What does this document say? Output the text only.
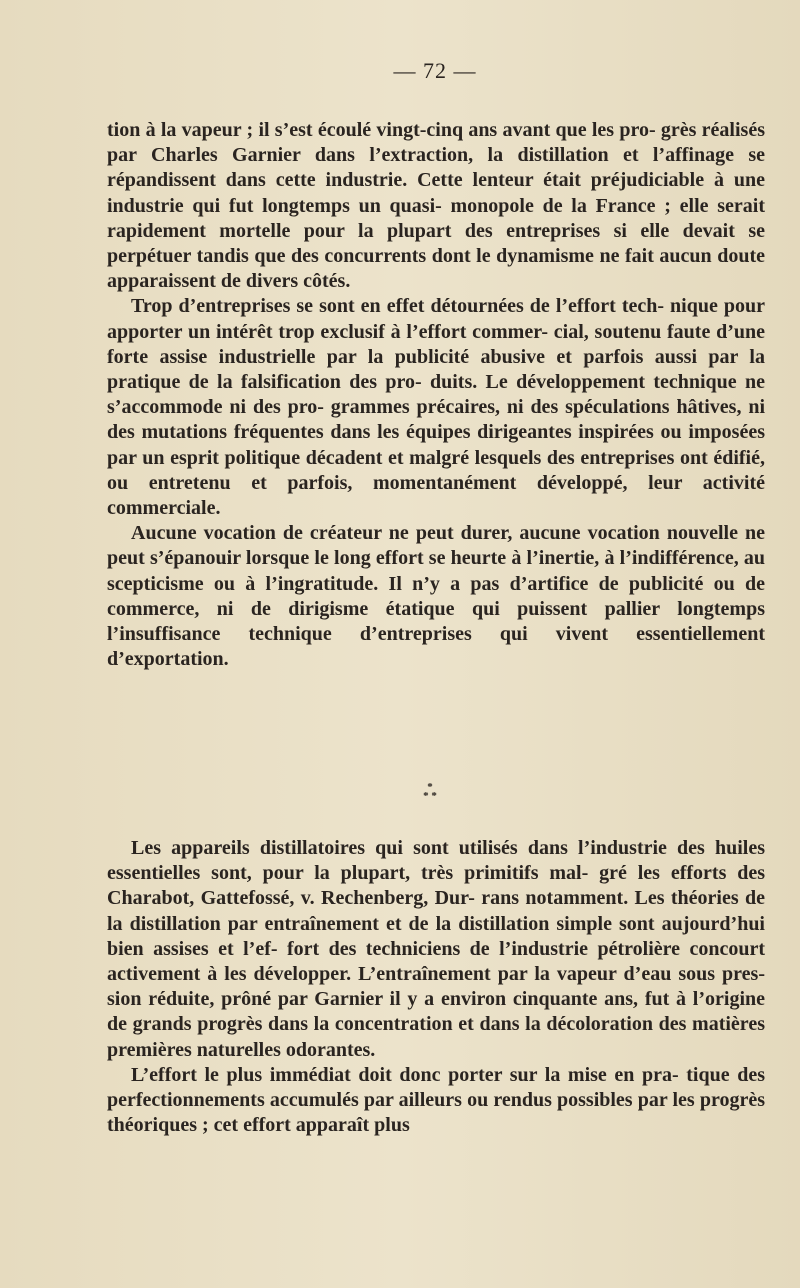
— 72 —

tion à la vapeur ; il s’est écoulé vingt-cinq ans avant que les pro- grès réalisés par Charles Garnier dans l’extraction, la distillation et l’affinage se répandissent dans cette industrie. Cette lenteur était préjudiciable à une industrie qui fut longtemps un quasi- monopole de la France ; elle serait rapidement mortelle pour la plupart des entreprises si elle devait se perpétuer tandis que des concurrents dont le dynamisme ne fait aucun doute apparaissent de divers côtés.

Trop d’entreprises se sont en effet détournées de l’effort tech- nique pour apporter un intérêt trop exclusif à l’effort commer- cial, soutenu faute d’une forte assise industrielle par la publicité abusive et parfois aussi par la pratique de la falsification des pro- duits. Le développement technique ne s’accommode ni des pro- grammes précaires, ni des spéculations hâtives, ni des mutations fréquentes dans les équipes dirigeantes inspirées ou imposées par un esprit politique décadent et malgré lesquels des entreprises ont édifié, ou entretenu et parfois, momentanément développé, leur activité commerciale.

Aucune vocation de créateur ne peut durer, aucune vocation nouvelle ne peut s’épanouir lorsque le long effort se heurte à l’inertie, à l’indifférence, au scepticisme ou à l’ingratitude. Il n’y a pas d’artifice de publicité ou de commerce, ni de dirigisme étatique qui puissent pallier longtemps l’insuffisance technique d’entreprises qui vivent essentiellement d’exportation.

*
* *

Les appareils distillatoires qui sont utilisés dans l’industrie des huiles essentielles sont, pour la plupart, très primitifs mal- gré les efforts des Charabot, Gattefossé, v. Rechenberg, Dur- rans notamment. Les théories de la distillation par entraînement et de la distillation simple sont aujourd’hui bien assises et l’ef- fort des techniciens de l’industrie pétrolière concourt activement à les développer. L’entraînement par la vapeur d’eau sous pres- sion réduite, prôné par Garnier il y a environ cinquante ans, fut à l’origine de grands progrès dans la concentration et dans la décoloration des matières premières naturelles odorantes.

L’effort le plus immédiat doit donc porter sur la mise en pra- tique des perfectionnements accumulés par ailleurs ou rendus possibles par les progrès théoriques ; cet effort apparaît plus
